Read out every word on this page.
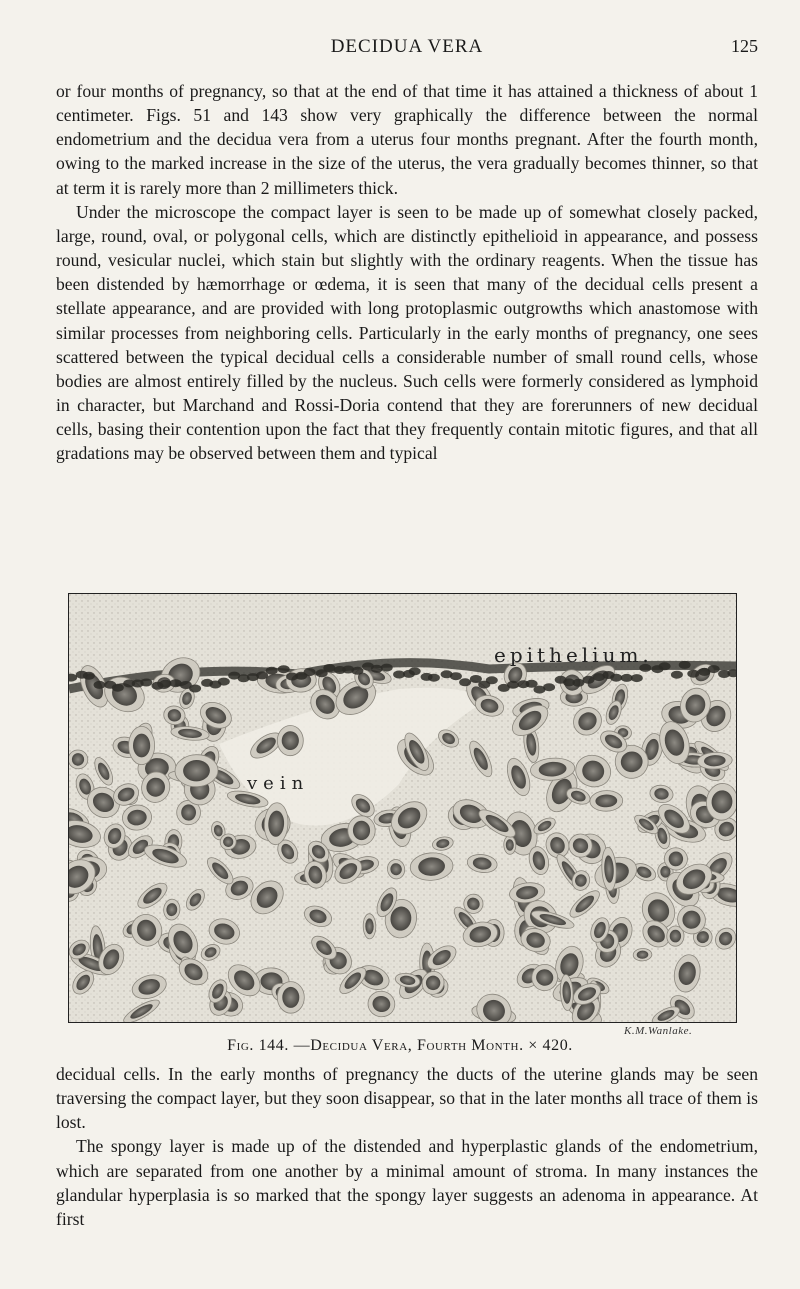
DECIDUA VERA	125

or four months of pregnancy, so that at the end of that time it has attained a thickness of about 1 centimeter. Figs. 51 and 143 show very graphically the difference between the normal endometrium and the decidua vera from a uterus four months pregnant. After the fourth month, owing to the marked increase in the size of the uterus, the vera gradually becomes thinner, so that at term it is rarely more than 2 millimeters thick.

Under the microscope the compact layer is seen to be made up of somewhat closely packed, large, round, oval, or polygonal cells, which are distinctly epithelioid in appearance, and possess round, vesicular nuclei, which stain but slightly with the ordinary reagents. When the tissue has been distended by hæmorrhage or œdema, it is seen that many of the decidual cells present a stellate appearance, and are provided with long protoplasmic outgrowths which anastomose with similar processes from neighboring cells. Particularly in the early months of pregnancy, one sees scattered between the typical decidual cells a considerable number of small round cells, whose bodies are almost entirely filled by the nucleus. Such cells were formerly considered as lymphoid in character, but Marchand and Rossi-Doria contend that they are forerunners of new decidual cells, basing their contention upon the fact that they frequently contain mitotic figures, and that all gradations may be observed between them and typical

epithelium.
vein
K.M.Wanlake.
Fig. 144. —Decidua Vera, Fourth Month. × 420.

decidual cells. In the early months of pregnancy the ducts of the uterine glands may be seen traversing the compact layer, but they soon disappear, so that in the later months all trace of them is lost.

The spongy layer is made up of the distended and hyperplastic glands of the endometrium, which are separated from one another by a minimal amount of stroma. In many instances the glandular hyperplasia is so marked that the spongy layer suggests an adenoma in appearance. At first
